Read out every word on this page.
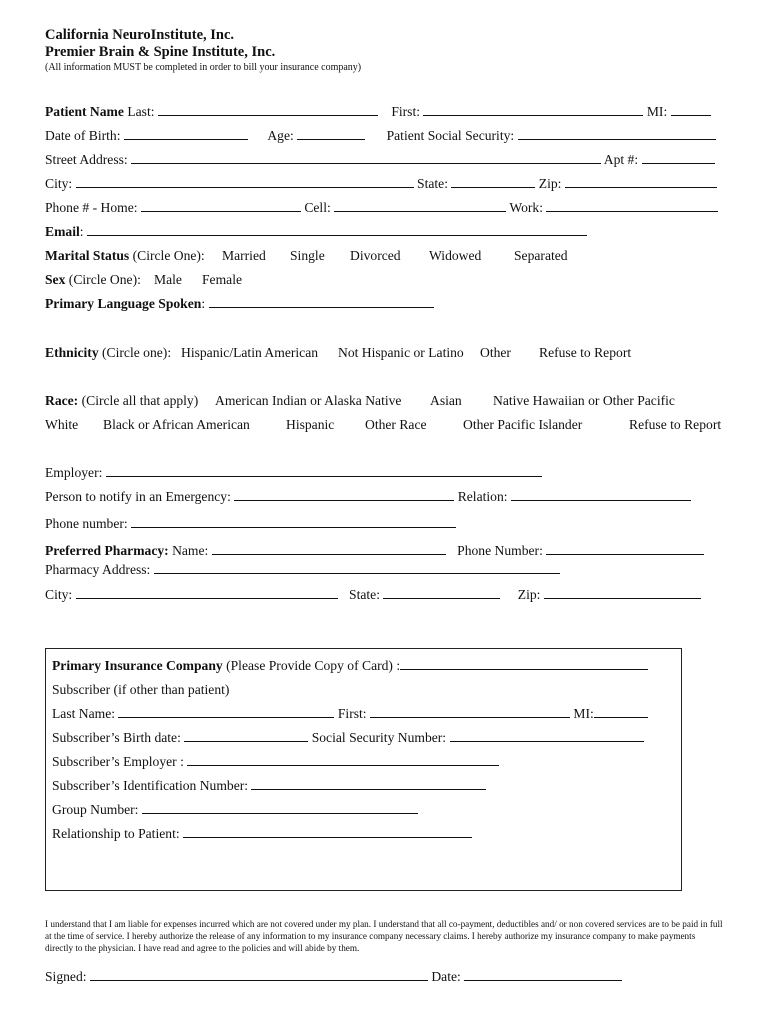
California NeuroInstitute, Inc.
Premier Brain & Spine Institute, Inc.
(All information MUST be completed in order to bill your insurance company)
Patient Name Last:	First:	MI:
Date of Birth:	Age:	Patient Social Security:
Street Address:	Apt #:
City:	State:	Zip:
Phone # - Home:	Cell:	Work:
Email:
Marital Status (Circle One): Married Single Divorced Widowed Separated
Sex (Circle One): Male Female
Primary Language Spoken:
Ethnicity (Circle one): Hispanic/Latin American Not Hispanic or Latino Other Refuse to Report
Race: (Circle all that apply) American Indian or Alaska Native Asian Native Hawaiian or Other Pacific
White Black or African American	Hispanic Other Race	Other Pacific Islander	Refuse to Report
Employer:
Person to notify in an Emergency:	Relation:
Phone number:
Preferred Pharmacy: Name:	Phone Number:
Pharmacy Address:
City:	State:	Zip:
Primary Insurance Company (Please Provide Copy of Card) :
Subscriber (if other than patient)
Last Name:	First:	MI:
Subscriber’s Birth date:	Social Security Number:
Subscriber’s Employer :
Subscriber’s Identification Number:
Group Number:
Relationship to Patient:
I understand that I am liable for expenses incurred which are not covered under my plan. I understand that all co-payment, deductibles and/ or non covered services are to be paid in full at the time of service. I hereby authorize the release of any information to my insurance company necessary claims. I hereby authorize my insurance company to make payments directly to the physician. I have read and agree to the policies and will abide by them.
Signed:	Date:
